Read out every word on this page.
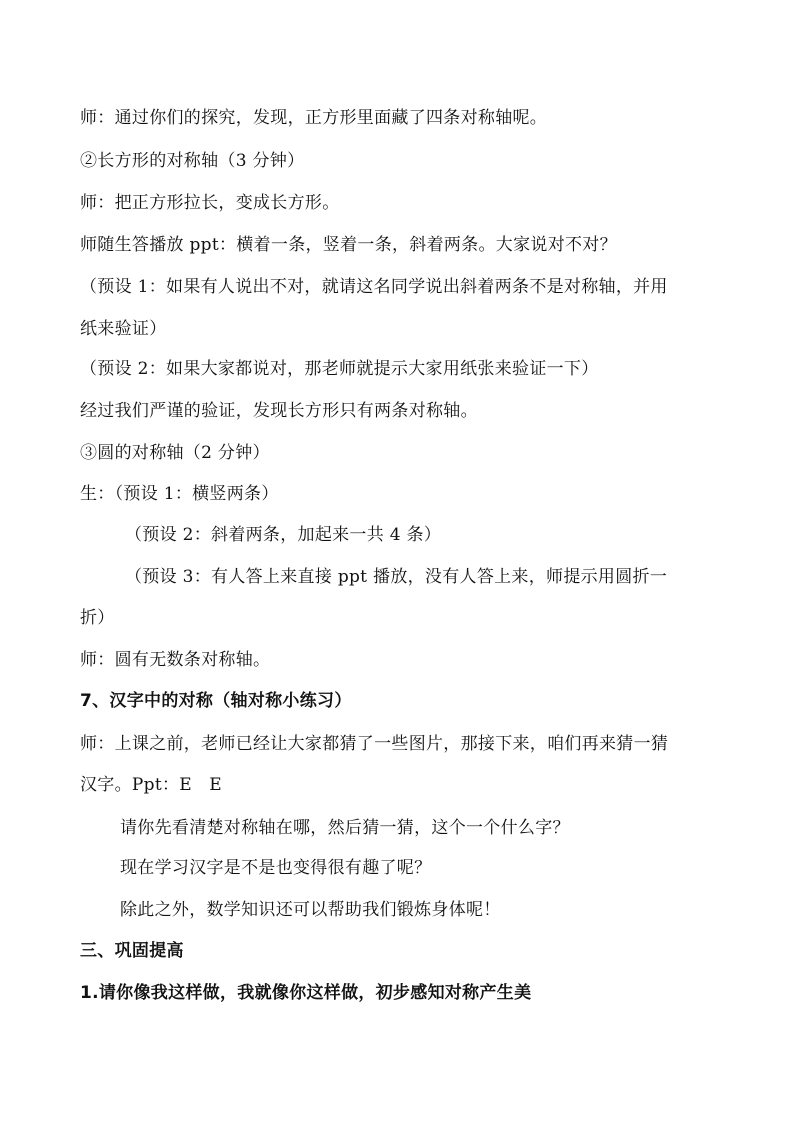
师：通过你们的探究，发现，正方形里面藏了四条对称轴呢。
②长方形的对称轴（3 分钟）
师：把正方形拉长，变成长方形。
师随生答播放 ppt：横着一条，竖着一条，斜着两条。大家说对不对？
（预设 1：如果有人说出不对，就请这名同学说出斜着两条不是对称轴，并用
纸来验证）
（预设 2：如果大家都说对，那老师就提示大家用纸张来验证一下）
经过我们严谨的验证，发现长方形只有两条对称轴。
③圆的对称轴（2 分钟）
生：（预设 1：横竖两条）
（预设 2：斜着两条，加起来一共 4 条）
（预设 3：有人答上来直接 ppt 播放，没有人答上来，师提示用圆折一
折）
师：圆有无数条对称轴。
7、汉字中的对称（轴对称小练习）
师：上课之前，老师已经让大家都猜了一些图片，那接下来，咱们再来猜一猜
汉字。Ppt：E　E
请你先看清楚对称轴在哪，然后猜一猜，这个一个什么字？
现在学习汉字是不是也变得很有趣了呢？
除此之外，数学知识还可以帮助我们锻炼身体呢！
三、巩固提高
1.请你像我这样做，我就像你这样做，初步感知对称产生美
